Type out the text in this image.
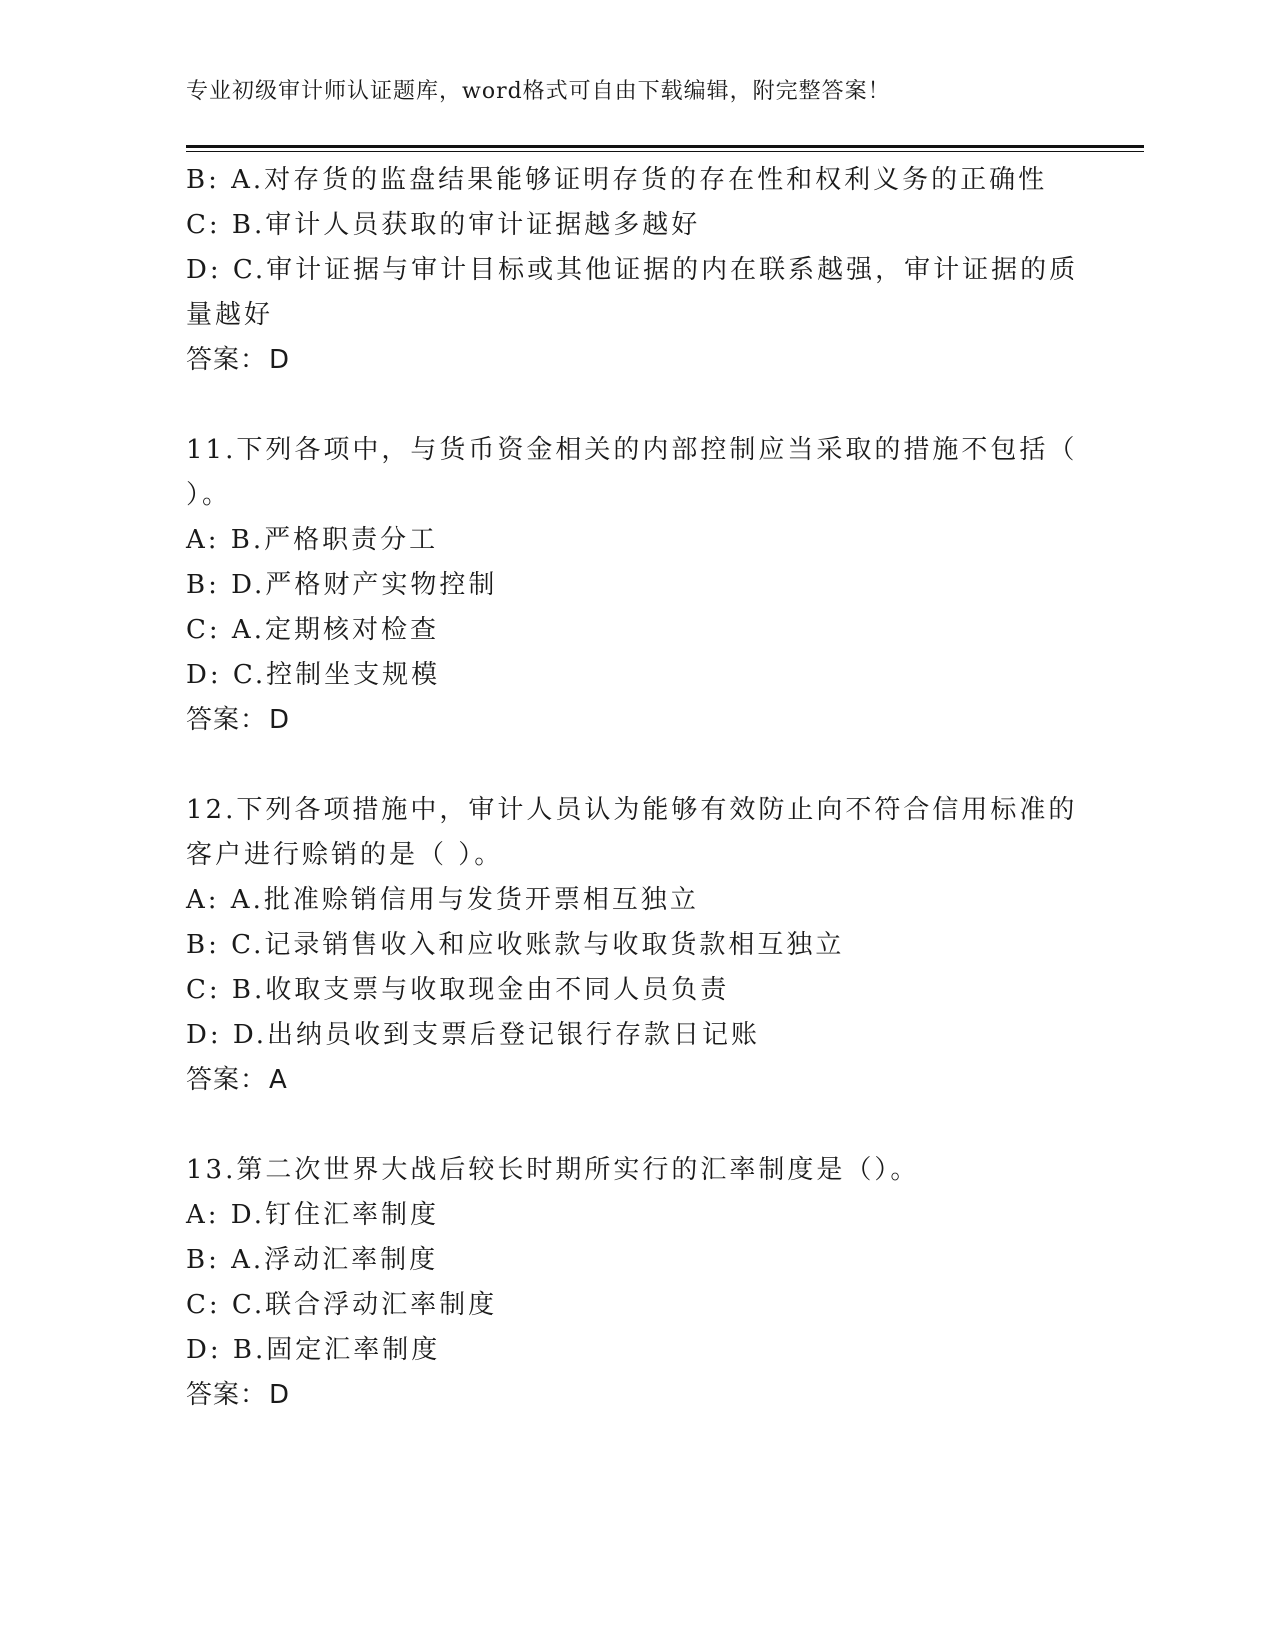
专业初级审计师认证题库，word格式可自由下载编辑，附完整答案！
B: A.对存货的监盘结果能够证明存货的存在性和权利义务的正确性
C: B.审计人员获取的审计证据越多越好
D: C.审计证据与审计目标或其他证据的内在联系越强，审计证据的质
量越好
答案：D
11.下列各项中，与货币资金相关的内部控制应当采取的措施不包括（
）。
A: B.严格职责分工
B: D.严格财产实物控制
C: A.定期核对检查
D: C.控制坐支规模
答案：D
12.下列各项措施中，审计人员认为能够有效防止向不符合信用标准的
客户进行赊销的是（ ）。
A: A.批准赊销信用与发货开票相互独立
B: C.记录销售收入和应收账款与收取货款相互独立
C: B.收取支票与收取现金由不同人员负责
D: D.出纳员收到支票后登记银行存款日记账
答案：A
13.第二次世界大战后较长时期所实行的汇率制度是（）。
A: D.钉住汇率制度
B: A.浮动汇率制度
C: C.联合浮动汇率制度
D: B.固定汇率制度
答案：D
